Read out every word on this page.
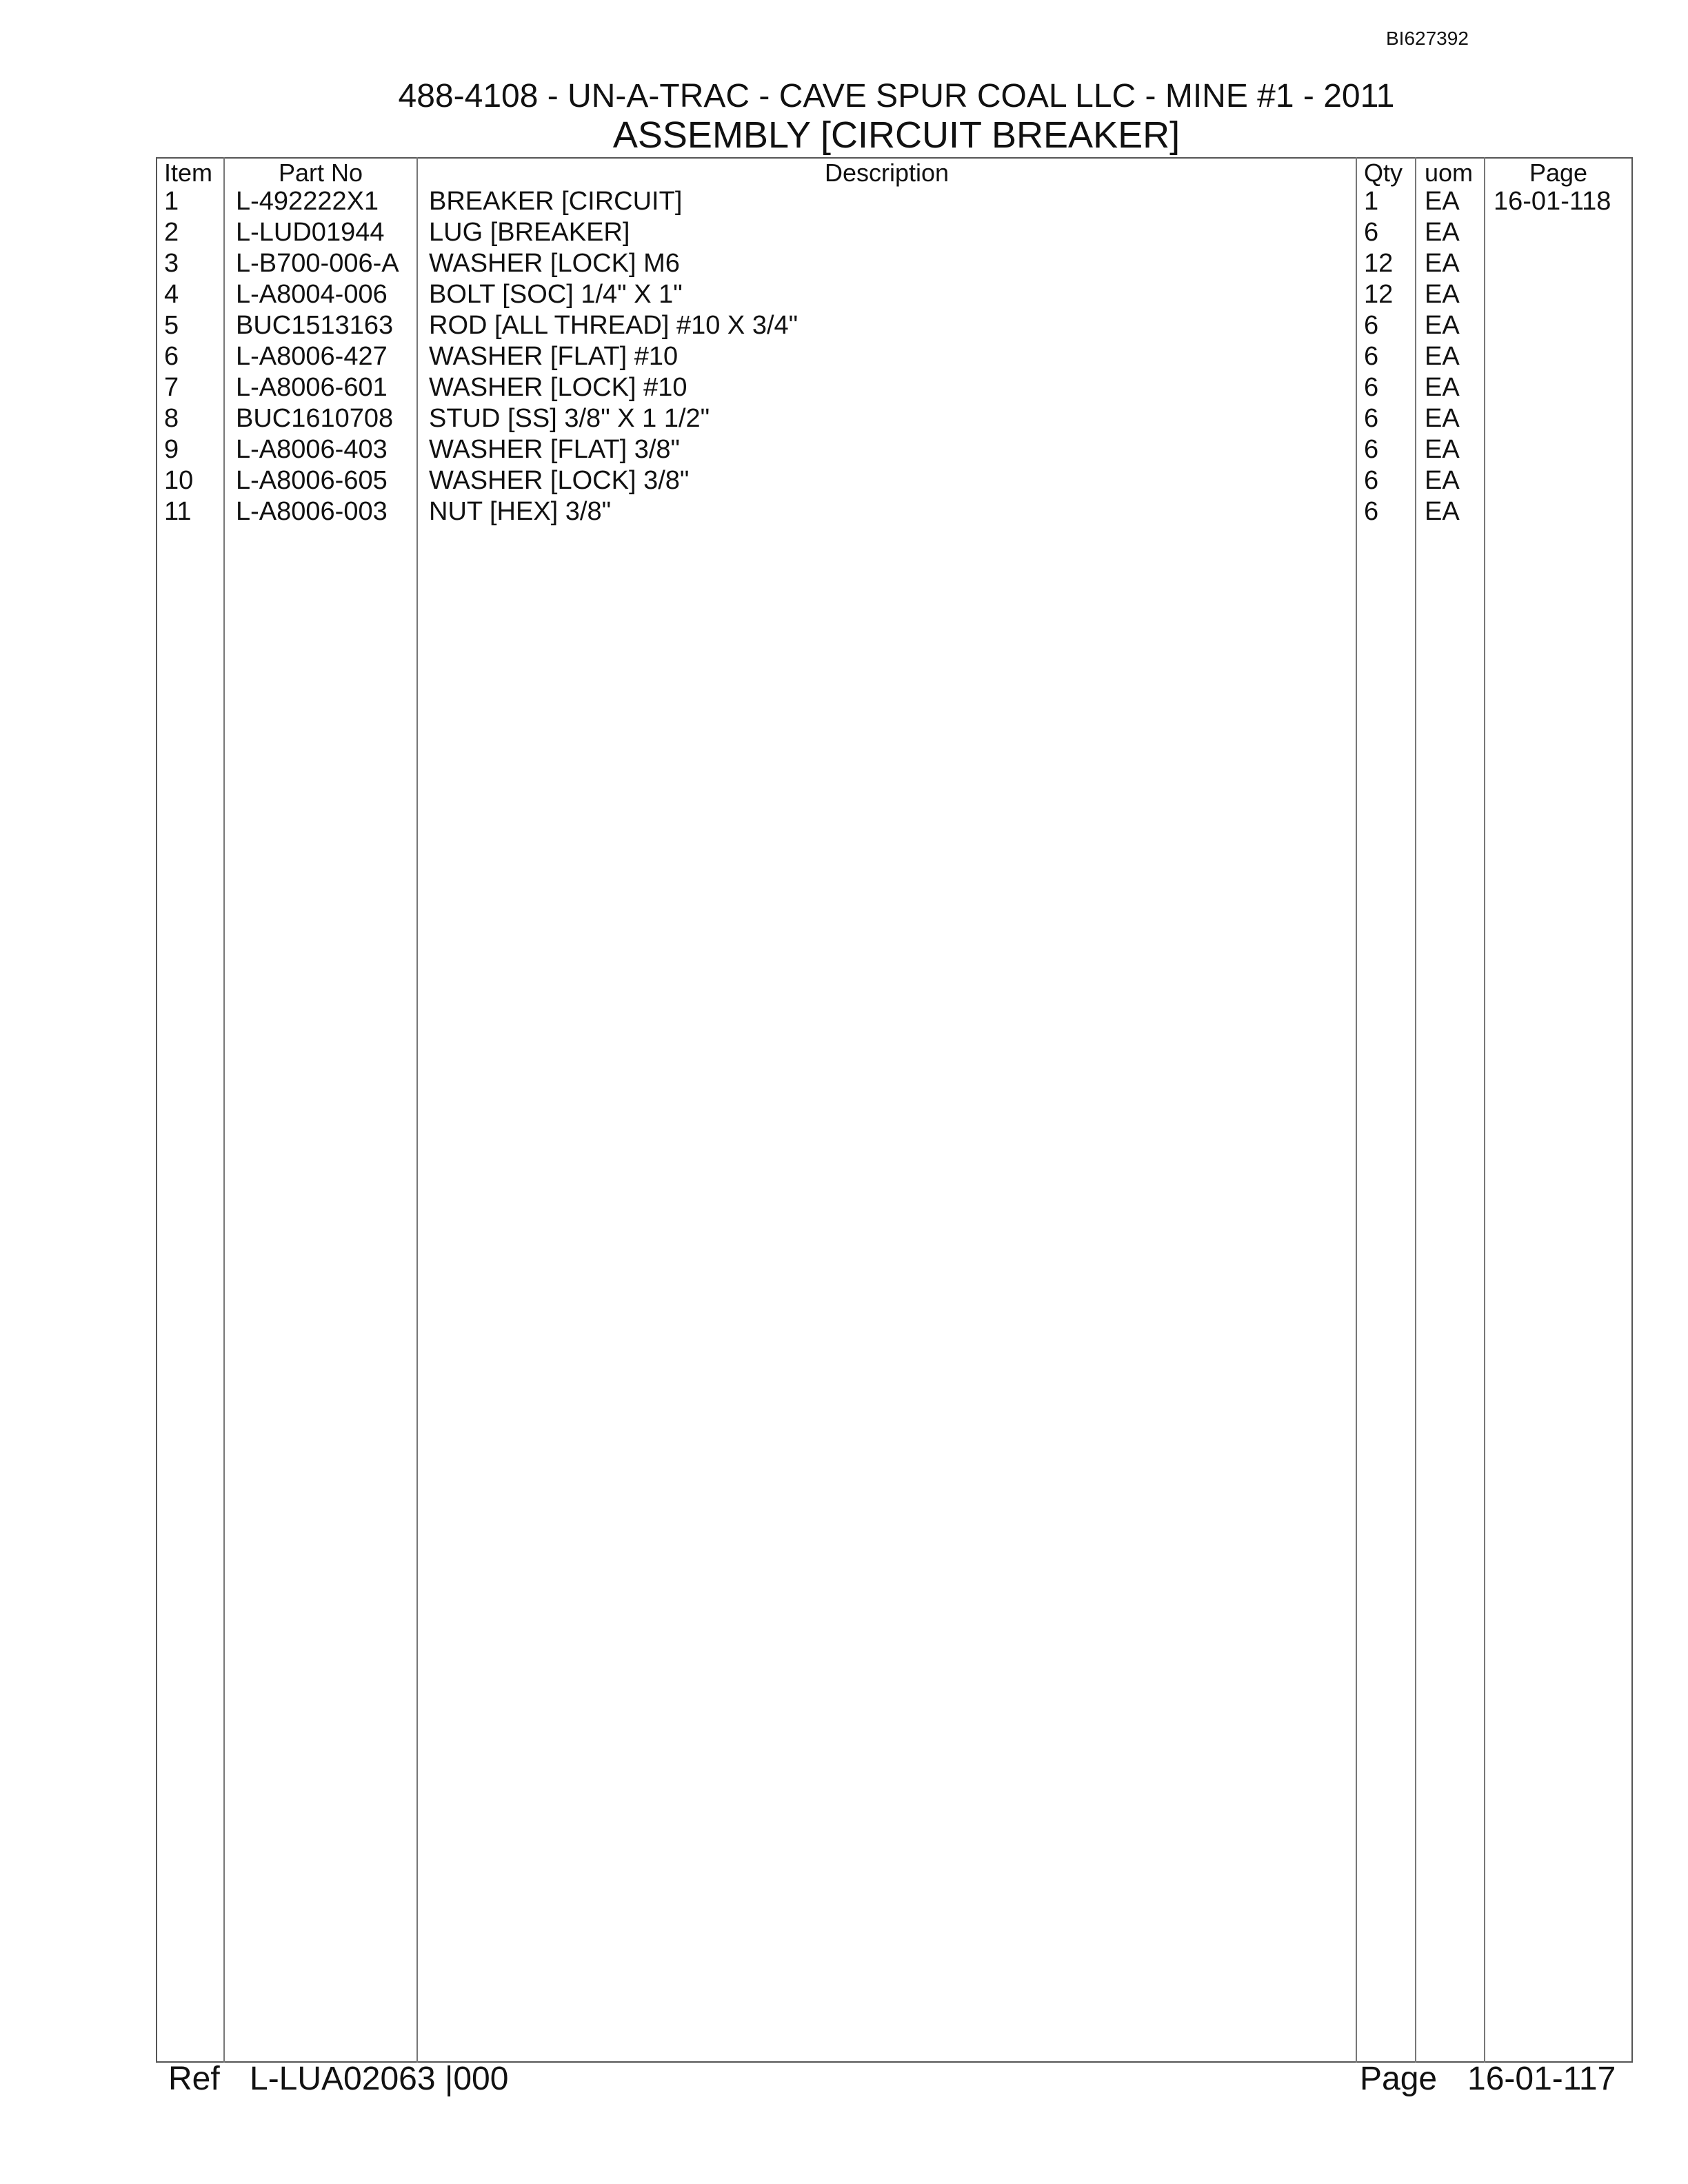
BI627392
488-4108 - UN-A-TRAC - CAVE SPUR COAL LLC - MINE #1 - 2011
ASSEMBLY [CIRCUIT BREAKER]
Item	Part No	Description	Qty uom	Page
1 L-492222X1 BREAKER [CIRCUIT]	1 EA 16-01-118
2 L-LUD01944 LUG [BREAKER]	6 EA
3 L-B700-006-A WASHER [LOCK] M6	12 EA
4 L-A8004-006 BOLT [SOC] 1/4" X 1"	12 EA
5 BUC1513163 ROD [ALL THREAD] #10 X 3/4"	6 EA
6 L-A8006-427 WASHER [FLAT] #10	6 EA
7 L-A8006-601 WASHER [LOCK] #10	6 EA
8 BUC1610708 STUD [SS] 3/8" X 1 1/2"	6 EA
9 L-A8006-403 WASHER [FLAT] 3/8"	6 EA
10 L-A8006-605 WASHER [LOCK] 3/8"	6 EA
11 L-A8006-003 NUT [HEX] 3/8"	6 EA
Ref L-LUA02063 |000	Page 16-01-117
